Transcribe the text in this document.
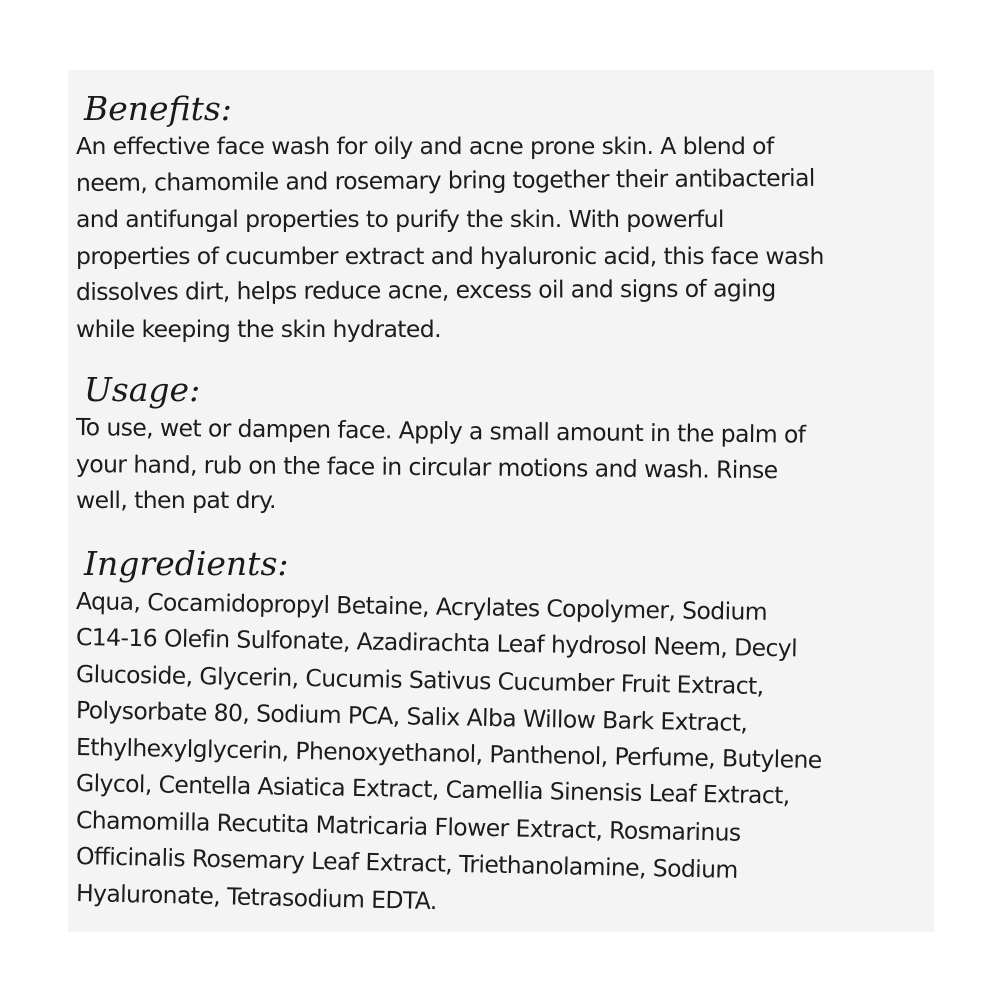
Benefits:
An effective face wash for oily and acne prone skin. A blend of
neem, chamomile and rosemary bring together their antibacterial
and antifungal properties to purify the skin. With powerful
properties of cucumber extract and hyaluronic acid, this face wash
dissolves dirt, helps reduce acne, excess oil and signs of aging
while keeping the skin hydrated.
Usage:
To use, wet or dampen face. Apply a small amount in the palm of
your hand, rub on the face in circular motions and wash. Rinse
well, then pat dry.
Ingredients:
Aqua, Cocamidopropyl Betaine, Acrylates Copolymer, Sodium
C14-16 Olefin Sulfonate, Azadirachta Leaf hydrosol Neem, Decyl
Glucoside, Glycerin, Cucumis Sativus Cucumber Fruit Extract,
Polysorbate 80, Sodium PCA, Salix Alba Willow Bark Extract,
Ethylhexylglycerin, Phenoxyethanol, Panthenol, Perfume, Butylene
Glycol, Centella Asiatica Extract, Camellia Sinensis Leaf Extract,
Chamomilla Recutita Matricaria Flower Extract, Rosmarinus
Officinalis Rosemary Leaf Extract, Triethanolamine, Sodium
Hyaluronate, Tetrasodium EDTA.
